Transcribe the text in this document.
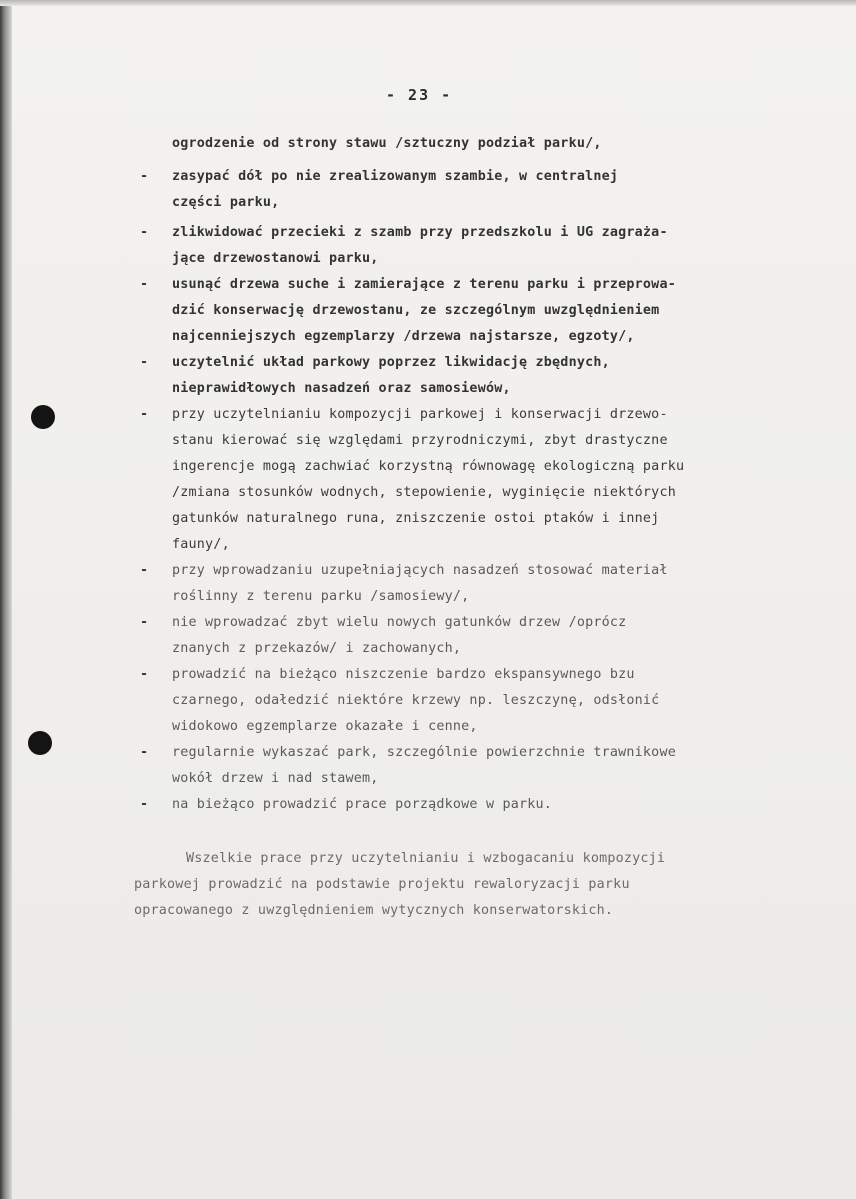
- 23 -
ogrodzenie od strony stawu /sztuczny podział parku/,
- zasypać dół po nie zrealizowanym szambie, w centralnej
części parku,
- zlikwidować przecieki z szamb przy przedszkolu i UG zagraża-
jące drzewostanowi parku,
- usunąć drzewa suche i zamierające z terenu parku i przeprowa-
dzić konserwację drzewostanu, ze szczególnym uwzględnieniem
najcenniejszych egzemplarzy /drzewa najstarsze, egzoty/,
- uczytelnić układ parkowy poprzez likwidację zbędnych,
nieprawidłowych nasadzeń oraz samosiewów,
- przy uczytelnianiu kompozycji parkowej i konserwacji drzewo-
stanu kierować się względami przyrodniczymi, zbyt drastyczne
ingerencje mogą zachwiać korzystną równowagę ekologiczną parku
/zmiana stosunków wodnych, stepowienie, wyginięcie niektórych
gatunków naturalnego runa, zniszczenie ostoi ptaków i innej
fauny/,
- przy wprowadzaniu uzupełniających nasadzeń stosować materiał
roślinny z terenu parku /samosiewy/,
- nie wprowadzać zbyt wielu nowych gatunków drzew /oprócz
znanych z przekazów/ i zachowanych,
- prowadzić na bieżąco niszczenie bardzo ekspansywnego bzu
czarnego, odałedzić niektóre krzewy np. leszczynę, odsłonić
widokowo egzemplarze okazałe i cenne,
- regularnie wykaszać park, szczególnie powierzchnie trawnikowe
wokół drzew i nad stawem,
- na bieżąco prowadzić prace porządkowe w parku.
Wszelkie prace przy uczytelnianiu i wzbogacaniu kompozycji
parkowej prowadzić na podstawie projektu rewaloryzacji parku
opracowanego z uwzględnieniem wytycznych konserwatorskich.
